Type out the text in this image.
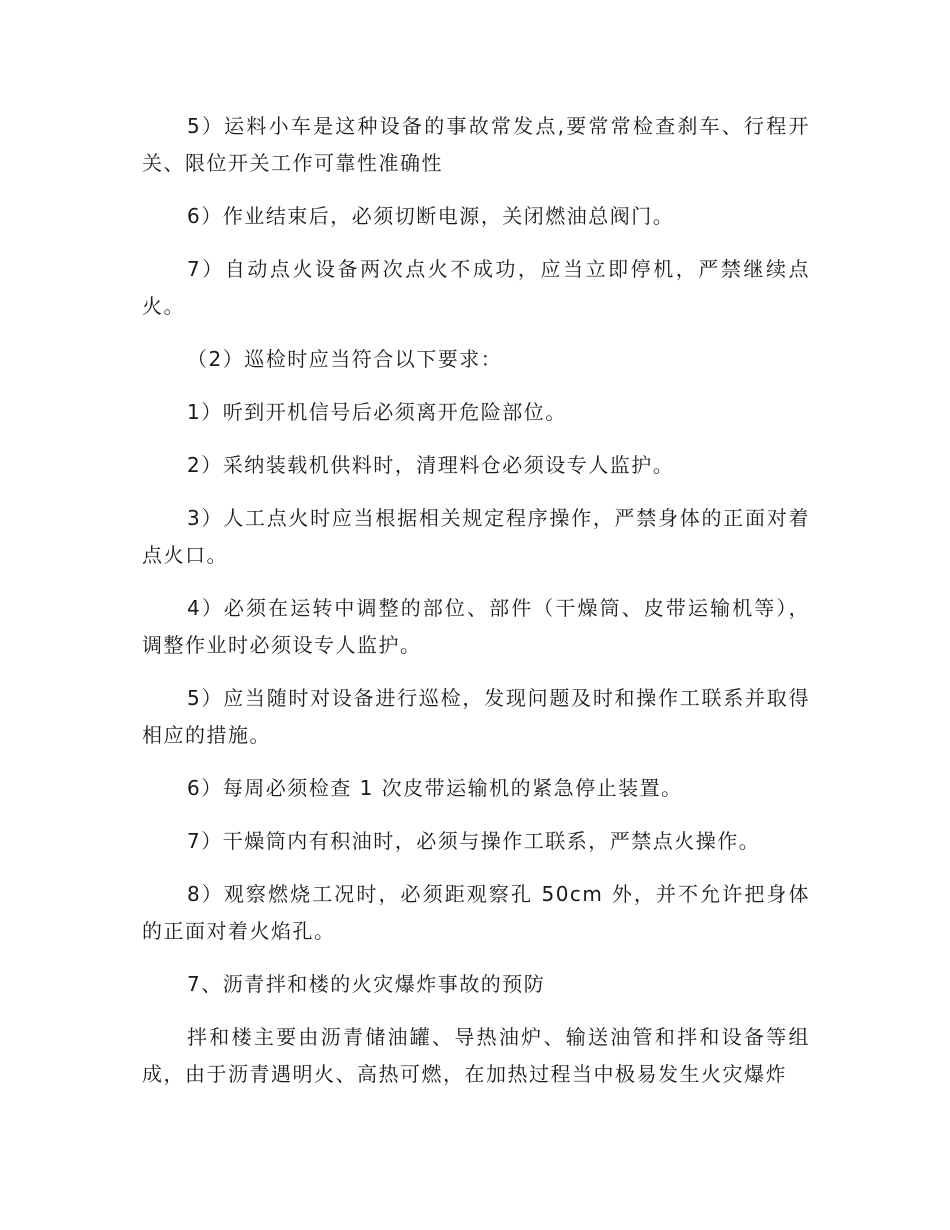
5）运料小车是这种设备的事故常发点,要常常检查刹车、行程开关、限位开关工作可靠性准确性

6）作业结束后，必须切断电源，关闭燃油总阀门。

7）自动点火设备两次点火不成功，应当立即停机，严禁继续点火。

（2）巡检时应当符合以下要求：

1）听到开机信号后必须离开危险部位。

2）采纳装载机供料时，清理料仓必须设专人监护。

3）人工点火时应当根据相关规定程序操作，严禁身体的正面对着点火口。

4）必须在运转中调整的部位、部件（干燥筒、皮带运输机等），调整作业时必须设专人监护。

5）应当随时对设备进行巡检，发现问题及时和操作工联系并取得相应的措施。

6）每周必须检查 1 次皮带运输机的紧急停止装置。

7）干燥筒内有积油时，必须与操作工联系，严禁点火操作。

8）观察燃烧工况时，必须距观察孔 50cm 外，并不允许把身体的正面对着火焰孔。

7、沥青拌和楼的火灾爆炸事故的预防

拌和楼主要由沥青储油罐、导热油炉、输送油管和拌和设备等组成，由于沥青遇明火、高热可燃，在加热过程当中极易发生火灾爆炸
